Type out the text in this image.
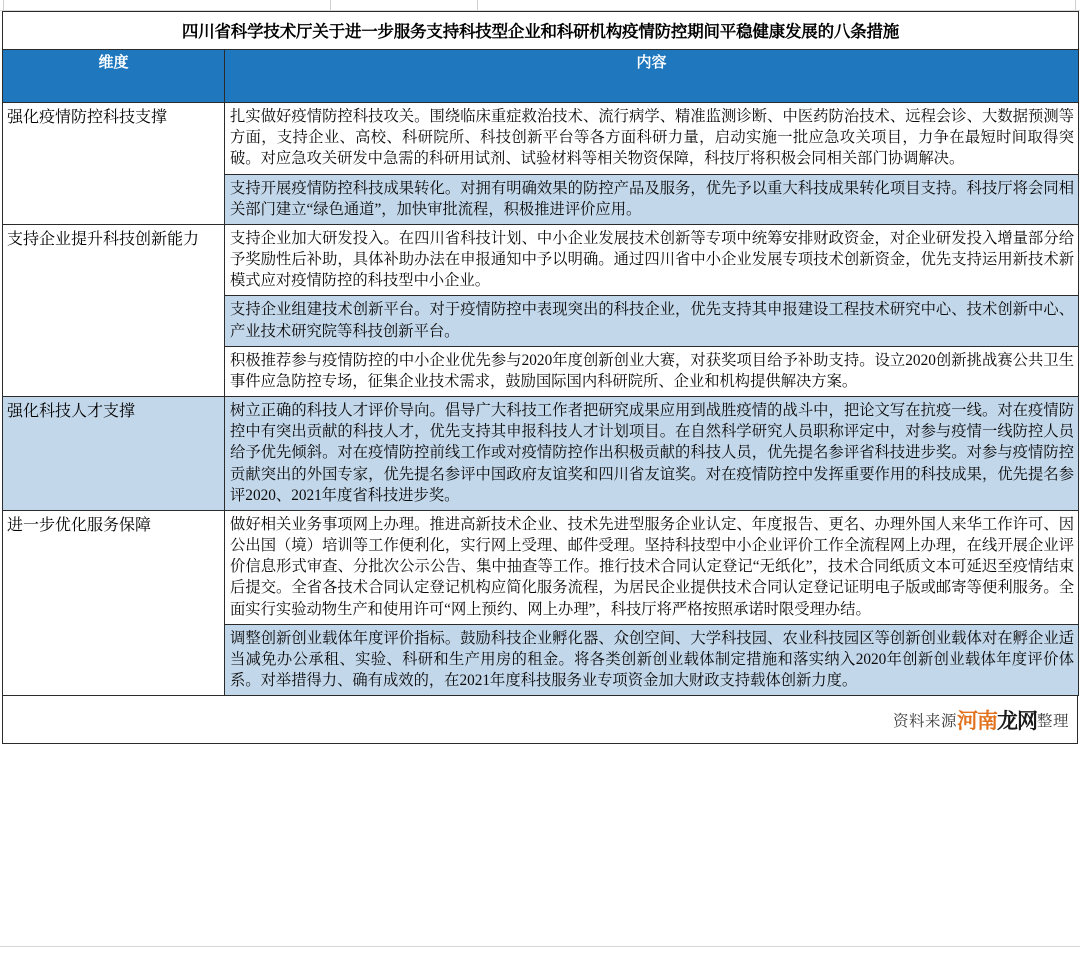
四川省科学技术厅关于进一步服务支持科技型企业和科研机构疫情防控期间平稳健康发展的八条措施	
维度	内容
强化疫情防控科技支撑	扎实做好疫情防控科技攻关。围绕临床重症救治技术、流行病学、精准监测诊断、中医药防治技术、远程会诊、大数据预测等方面，支持企业、高校、科研院所、科技创新平台等各方面科研力量，启动实施一批应急攻关项目，力争在最短时间取得突破。对应急攻关研发中急需的科研用试剂、试验材料等相关物资保障，科技厅将积极会同相关部门协调解决。
	支持开展疫情防控科技成果转化。对拥有明确效果的防控产品及服务，优先予以重大科技成果转化项目支持。科技厅将会同相关部门建立“绿色通道”，加快审批流程，积极推进评价应用。
支持企业提升科技创新能力	支持企业加大研发投入。在四川省科技计划、中小企业发展技术创新等专项中统筹安排财政资金，对企业研发投入增量部分给予奖励性后补助，具体补助办法在申报通知中予以明确。通过四川省中小企业发展专项技术创新资金，优先支持运用新技术新模式应对疫情防控的科技型中小企业。
	支持企业组建技术创新平台。对于疫情防控中表现突出的科技企业，优先支持其申报建设工程技术研究中心、技术创新中心、产业技术研究院等科技创新平台。
	积极推荐参与疫情防控的中小企业优先参与2020年度创新创业大赛，对获奖项目给予补助支持。设立2020创新挑战赛公共卫生事件应急防控专场，征集企业技术需求，鼓励国际国内科研院所、企业和机构提供解决方案。
强化科技人才支撑	树立正确的科技人才评价导向。倡导广大科技工作者把研究成果应用到战胜疫情的战斗中，把论文写在抗疫一线。对在疫情防控中有突出贡献的科技人才，优先支持其申报科技人才计划项目。在自然科学研究人员职称评定中，对参与疫情一线防控人员给予优先倾斜。对在疫情防控前线工作或对疫情防控作出积极贡献的科技人员，优先提名参评省科技进步奖。对参与疫情防控贡献突出的外国专家，优先提名参评中国政府友谊奖和四川省友谊奖。对在疫情防控中发挥重要作用的科技成果，优先提名参评2020、2021年度省科技进步奖。
进一步优化服务保障	做好相关业务事项网上办理。推进高新技术企业、技术先进型服务企业认定、年度报告、更名、办理外国人来华工作许可、因公出国（境）培训等工作便利化，实行网上受理、邮件受理。坚持科技型中小企业评价工作全流程网上办理，在线开展企业评价信息形式审查、分批次公示公告、集中抽查等工作。推行技术合同认定登记“无纸化”，技术合同纸质文本可延迟至疫情结束后提交。全省各技术合同认定登记机构应简化服务流程，为居民企业提供技术合同认定登记证明电子版或邮寄等便利服务。全面实行实验动物生产和使用许可“网上预约、网上办理”，科技厅将严格按照承诺时限受理办结。
	调整创新创业载体年度评价指标。鼓励科技企业孵化器、众创空间、大学科技园、农业科技园区等创新创业载体对在孵企业适当减免办公承租、实验、科研和生产用房的租金。将各类创新创业载体制定措施和落实纳入2020年创新创业载体年度评价体系。对举措得力、确有成效的，在2021年度科技服务业专项资金加大财政支持载体创新力度。
资料来源河南龙网整理
